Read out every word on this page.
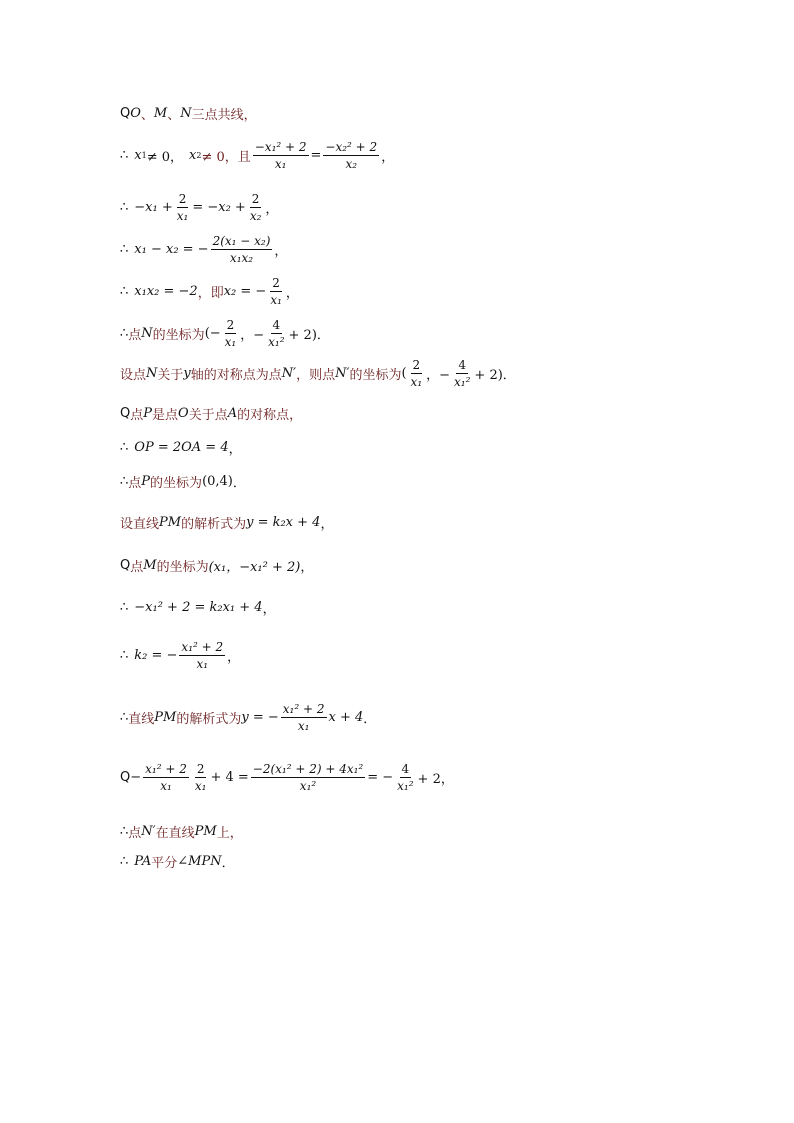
Q O 、 M 、 N 三点共线，
∴ x 1 ≠ 0， x 2 ≠ 0，且 $\frac{\text{−x₁² + 2}}{\text{x₁}} = \frac{\text{−x₂² + 2}}{\text{x₂}}$ ，
∴ $-x_1 + \frac{2}{\text{x₁}} = -x_2 + \frac{2}{\text{x₂}}$ ，
∴ x₁ − x₂ = − $\frac{\text{2(x₁ − x₂)}}{\text{x₁x₂}}$ ，
∴ x₁x₂ = −2 ，即 x₂ = − $\frac{2}{\text{x₁}}$ ，
∴ 点 N 的坐标为 (− $\frac{2}{\text{x₁}}$ ，− $\frac{4}{\text{x₁²}} + 2$)．
设点 N 关于 y 轴的对称点为点 N′ ，则点 N′ 的坐标为 ( $\frac{2}{\text{x₁}}$ ，− $\frac{4}{\text{x₁²}} + 2$)．
Q 点 P 是点 O 关于点 A 的对称点，
∴ OP = 2OA = 4 ，
∴ 点 P 的坐标为 (0,4) ．
设直线 PM 的解析式为 y = k₂x + 4 ，
Q 点 M 的坐标为 (x₁，−x₁² + 2) ，
∴ −x₁² + 2 = k₂x₁ + 4 ，
∴ k₂ = − $\frac{\text{x₁² + 2}}{\text{x₁}}$ ，
∴ 直线 PM 的解析式为 y = − $\frac{\text{x₁² + 2}}{\text{x₁}}$ x + 4 ．
$Q - \frac{\text{x₁² + 2}}{\text{x₁}} \frac{2}{\text{x₁}} + 4 = \frac{\text{−2(x₁² + 2) + 4x₁²}}{\text{x₁²}}$ = − $\frac{4}{\text{x₁²}} + 2$，
∴ 点 N′ 在直线 PM 上，
∴ PA 平分 ∠MPN ．
